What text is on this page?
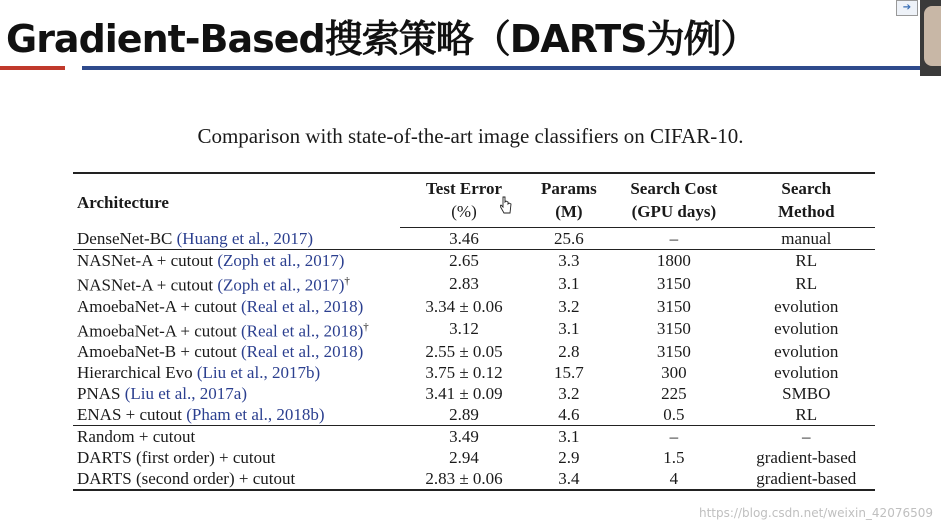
Gradient-Based搜索策略（DARTS为例）
➔
Comparison with state-of-the-art image classifiers on CIFAR-10.
Architecture	Test Error	Params	Search Cost	Search
	(%)	(M)	(GPU days)	Method
DenseNet-BC (Huang et al., 2017)	3.46	25.6	–	manual
NASNet-A + cutout (Zoph et al., 2017)	2.65	3.3	1800	RL
NASNet-A + cutout (Zoph et al., 2017)†	2.83	3.1	3150	RL
AmoebaNet-A + cutout (Real et al., 2018)	3.34 ± 0.06	3.2	3150	evolution
AmoebaNet-A + cutout (Real et al., 2018)†	3.12	3.1	3150	evolution
AmoebaNet-B + cutout (Real et al., 2018)	2.55 ± 0.05	2.8	3150	evolution
Hierarchical Evo (Liu et al., 2017b)	3.75 ± 0.12	15.7	300	evolution
PNAS (Liu et al., 2017a)	3.41 ± 0.09	3.2	225	SMBO
ENAS + cutout (Pham et al., 2018b)	2.89	4.6	0.5	RL
Random + cutout	3.49	3.1	–	–
DARTS (first order) + cutout	2.94	2.9	1.5	gradient-based
DARTS (second order) + cutout	2.83 ± 0.06	3.4	4	gradient-based
https://blog.csdn.net/weixin_42076509
